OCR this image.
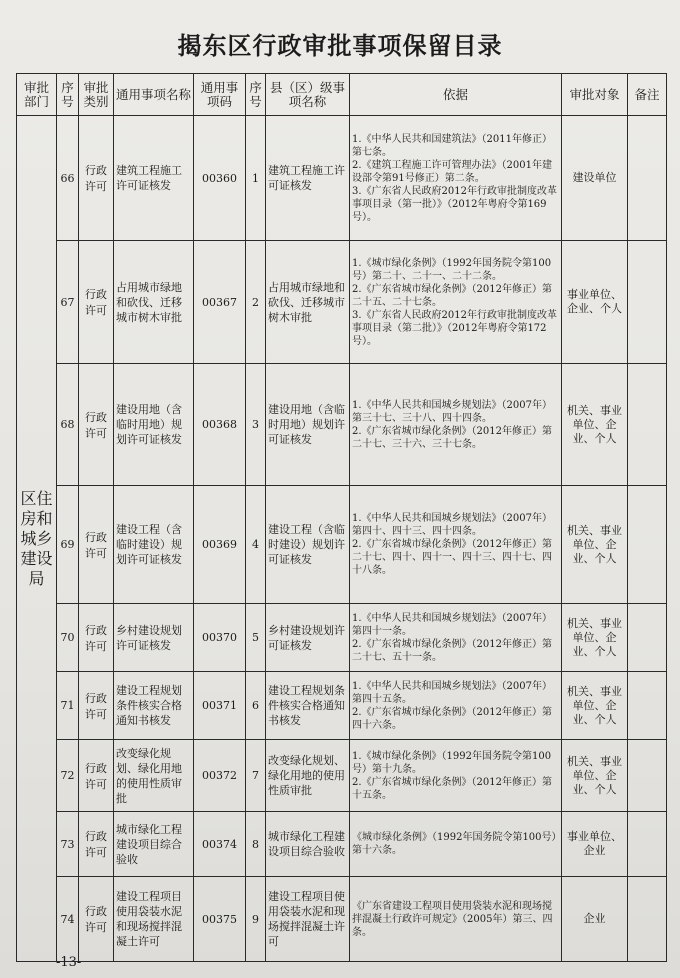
揭东区行政审批事项保留目录
审批部门	序号	审批类别	通用事项名称	通用事项码	序号	县（区）级事项名称	依据	审批对象	备注
区住房和城乡建设局	66	行政许可	建筑工程施工许可证核发	00360	1	建筑工程施工许可证核发	1.《中华人民共和国建筑法》（2011年修正）第七条。
2.《建筑工程施工许可管理办法》（2001年建设部令第91号修正）第二条。
3.《广东省人民政府2012年行政审批制度改革事项目录（第一批）》（2012年粤府令第169号）。	建设单位	
	67	行政许可	占用城市绿地和砍伐、迁移城市树木审批	00367	2	占用城市绿地和砍伐、迁移城市树木审批	1.《城市绿化条例》（1992年国务院令第100号）第二十、二十一、二十二条。
2.《广东省城市绿化条例》（2012年修正）第二十五、二十七条。
3.《广东省人民政府2012年行政审批制度改革事项目录（第二批）》（2012年粤府令第172号）。	事业单位、企业、个人	
	68	行政许可	建设用地（含临时用地）规划许可证核发	00368	3	建设用地（含临时用地）规划许可证核发	1.《中华人民共和国城乡规划法》（2007年）第三十七、三十八、四十四条。
2.《广东省城市绿化条例》（2012年修正）第二十七、三十六、三十七条。	机关、事业单位、企业、个人	
	69	行政许可	建设工程（含临时建设）规划许可证核发	00369	4	建设工程（含临时建设）规划许可证核发	1.《中华人民共和国城乡规划法》（2007年）第四十、四十三、四十四条。
2.《广东省城市绿化条例》（2012年修正）第二十七、四十、四十一、四十三、四十七、四十八条。	机关、事业单位、企业、个人	
	70	行政许可	乡村建设规划许可证核发	00370	5	乡村建设规划许可证核发	1.《中华人民共和国城乡规划法》（2007年）第四十一条。
2.《广东省城市绿化条例》（2012年修正）第二十七、五十一条。	机关、事业单位、企业、个人	
	71	行政许可	建设工程规划条件核实合格通知书核发	00371	6	建设工程规划条件核实合格通知书核发	1.《中华人民共和国城乡规划法》（2007年）第四十五条。
2.《广东省城市绿化条例》（2012年修正）第四十六条。	机关、事业单位、企业、个人	
	72	行政许可	改变绿化规划、绿化用地的使用性质审批	00372	7	改变绿化规划、绿化用地的使用性质审批	1.《城市绿化条例》（1992年国务院令第100号）第十九条。
2.《广东省城市绿化条例》（2012年修正）第十五条。	机关、事业单位、企业、个人	
	73	行政许可	城市绿化工程建设项目综合验收	00374	8	城市绿化工程建设项目综合验收	《城市绿化条例》（1992年国务院令第100号）第十六条。	事业单位、企业	
	74	行政许可	建设工程项目使用袋装水泥和现场搅拌混凝土许可	00375	9	建设工程项目使用袋装水泥和现场搅拌混凝土许可	《广东省建设工程项目使用袋装水泥和现场搅拌混凝土行政许可规定》（2005年）第三、四条。	企业	
-13-
